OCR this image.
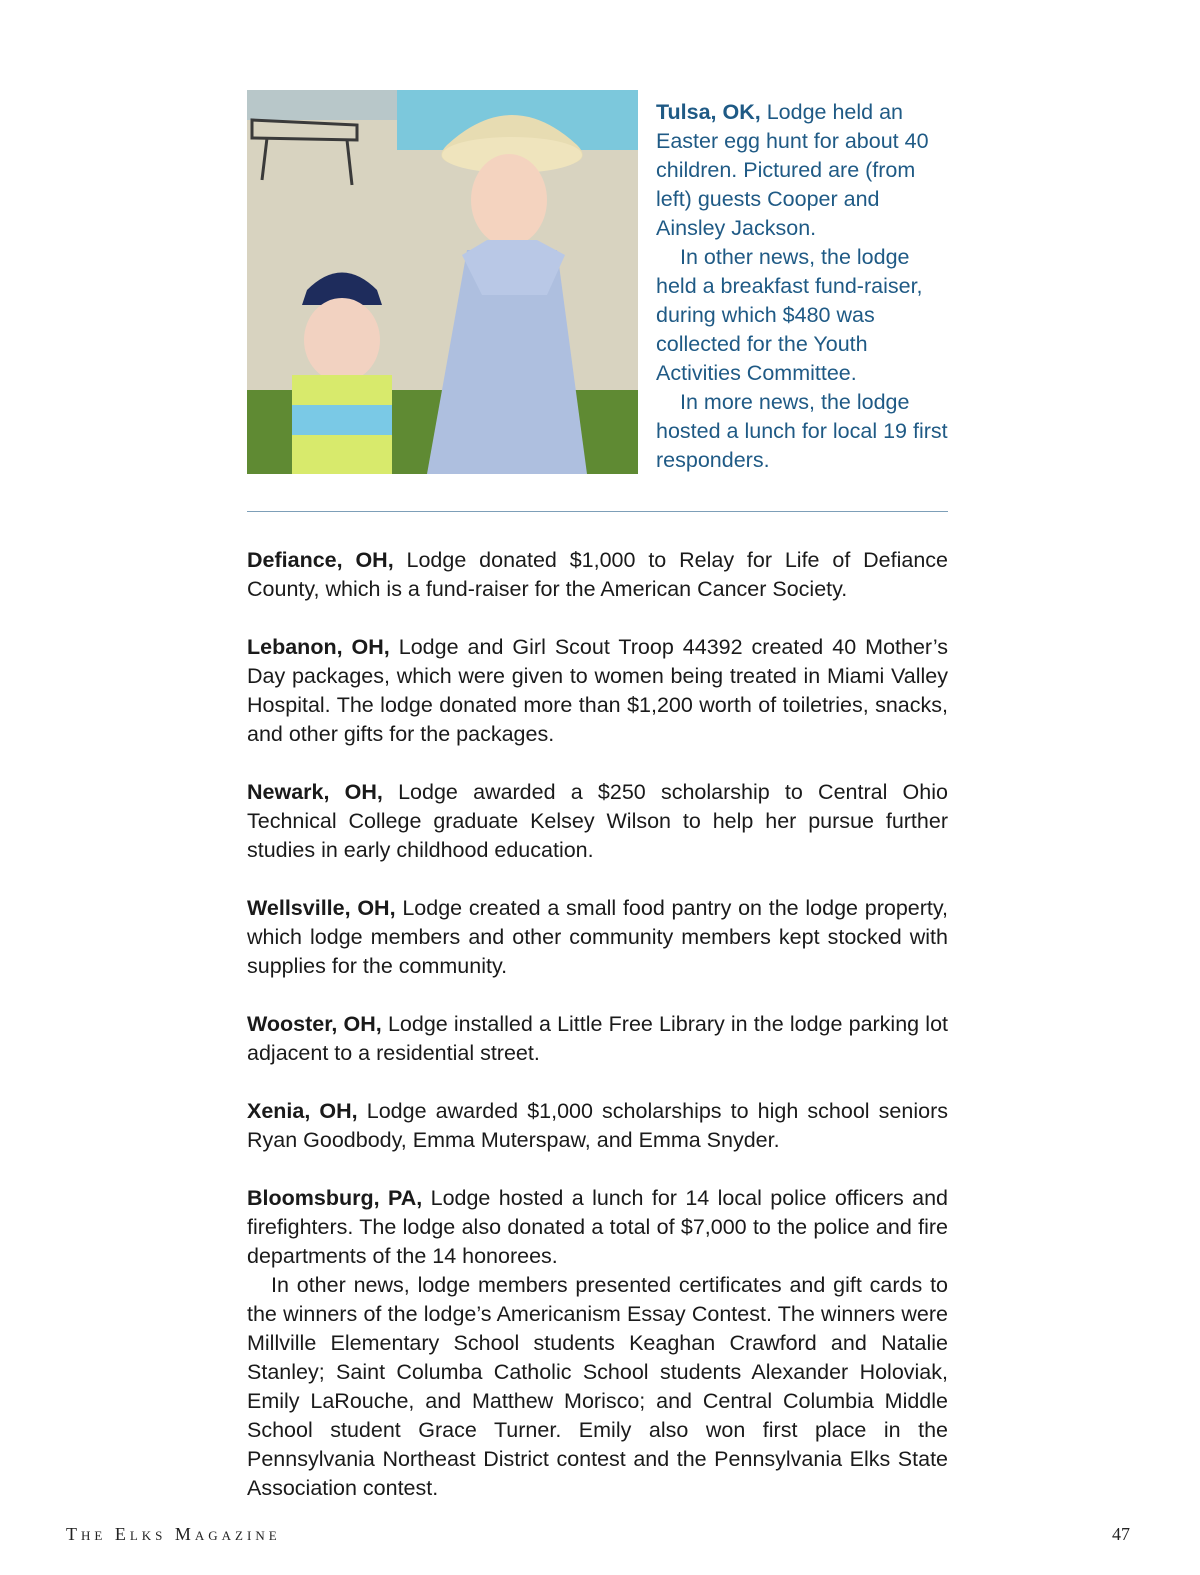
Tulsa, OK, Lodge held an Easter egg hunt for about 40 children. Pictured are (from left) guests Cooper and Ainsley Jackson.

In other news, the lodge held a breakfast fund-raiser, during which $480 was collected for the Youth Activities Committee.

In more news, the lodge hosted a lunch for local 19 first responders.

Defiance, OH, Lodge donated $1,000 to Relay for Life of Defiance County, which is a fund-raiser for the American Cancer Society.

Lebanon, OH, Lodge and Girl Scout Troop 44392 created 40 Mother’s Day packages, which were given to women being treated in Miami Valley Hospital. The lodge donated more than $1,200 worth of toiletries, snacks, and other gifts for the packages.

Newark, OH, Lodge awarded a $250 scholarship to Central Ohio Technical College graduate Kelsey Wilson to help her pursue further studies in early childhood education.

Wellsville, OH, Lodge created a small food pantry on the lodge property, which lodge members and other community members kept stocked with supplies for the community.

Wooster, OH, Lodge installed a Little Free Library in the lodge parking lot adjacent to a residential street.

Xenia, OH, Lodge awarded $1,000 scholarships to high school seniors Ryan Goodbody, Emma Muterspaw, and Emma Snyder.

Bloomsburg, PA, Lodge hosted a lunch for 14 local police officers and firefighters. The lodge also donated a total of $7,000 to the police and fire departments of the 14 honorees.

In other news, lodge members presented certificates and gift cards to the winners of the lodge’s Americanism Essay Contest. The winners were Millville Elementary School students Keaghan Crawford and Natalie Stanley; Saint Columba Catholic School students Alexander Holoviak, Emily LaRouche, and Matthew Morisco; and Central Columbia Middle School student Grace Turner. Emily also won first place in the Pennsylvania Northeast District contest and the Pennsylvania Elks State Association contest.

The Elks Magazine	47
